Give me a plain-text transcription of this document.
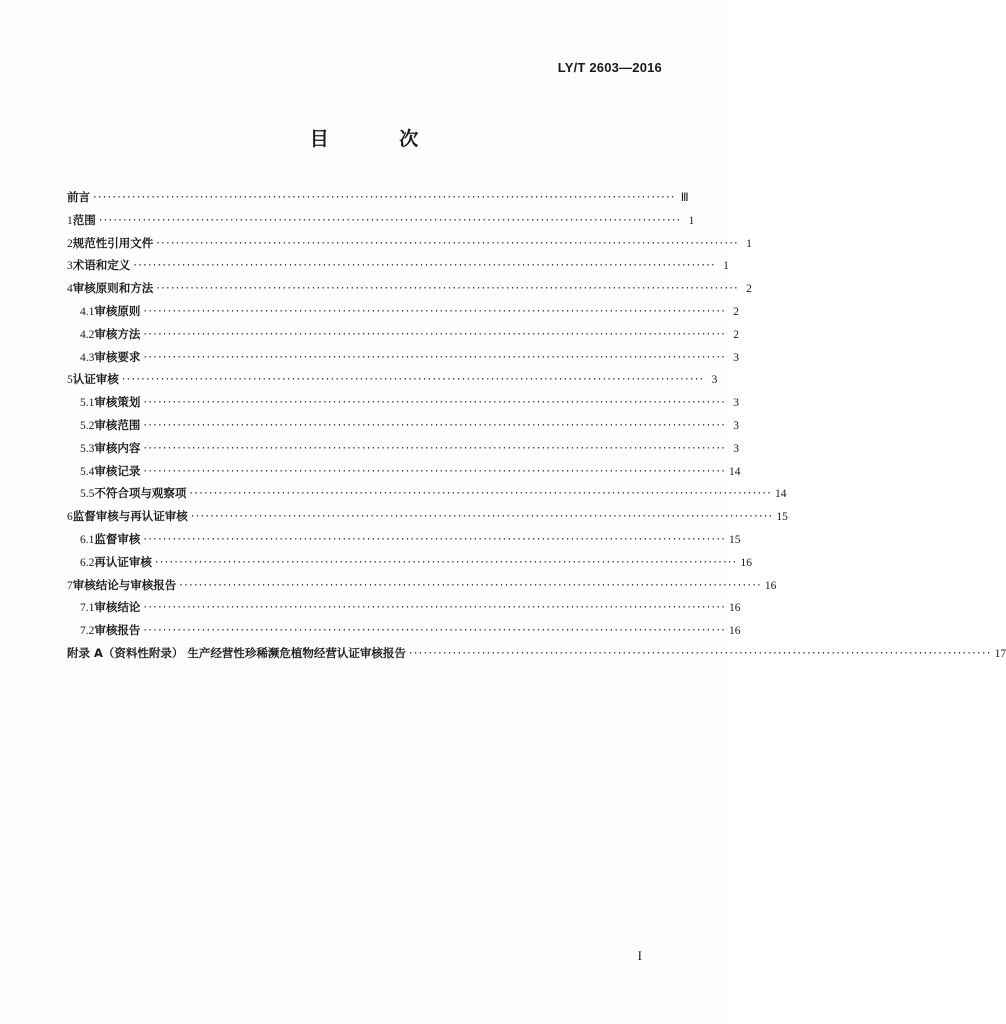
LY/T 2603—2016
目 次
前言 ························································································································ Ⅲ
1 范围 ························································································································ 1
2 规范性引用文件 ························································································································ 1
3 术语和定义 ························································································································ 1
4 审核原则和方法 ························································································································ 2
4.1 审核原则 ························································································································ 2
4.2 审核方法 ························································································································ 2
4.3 审核要求 ························································································································ 3
5 认证审核 ························································································································ 3
5.1 审核策划 ························································································································ 3
5.2 审核范围 ························································································································ 3
5.3 审核内容 ························································································································ 3
5.4 审核记录 ························································································································ 14
5.5 不符合项与观察项 ························································································································ 14
6 监督审核与再认证审核 ························································································································ 15
6.1 监督审核 ························································································································ 15
6.2 再认证审核 ························································································································ 16
7 审核结论与审核报告 ························································································································ 16
7.1 审核结论 ························································································································ 16
7.2 审核报告 ························································································································ 16
附录 A（资料性附录） 生产经营性珍稀濒危植物经营认证审核报告 ························································································································ 17
I
